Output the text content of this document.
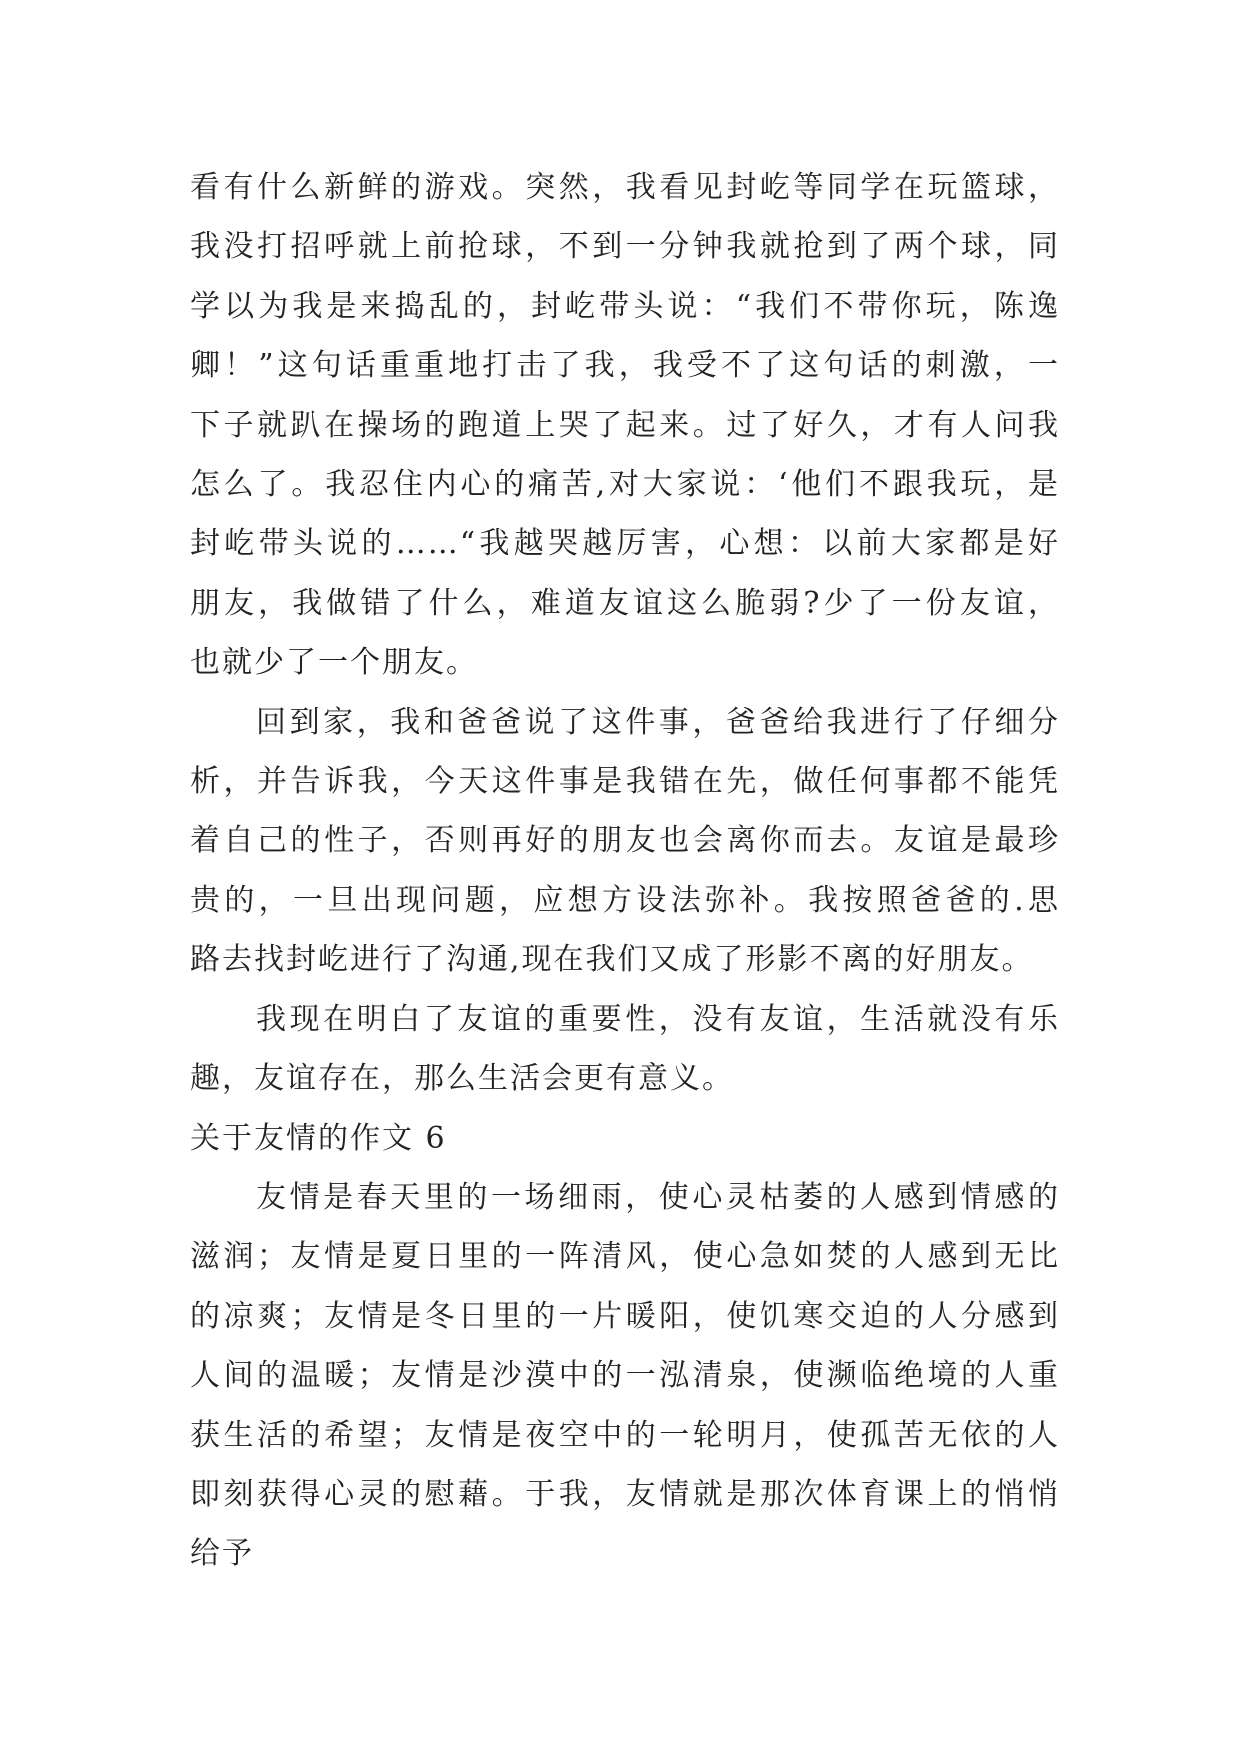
看有什么新鲜的游戏。突然，我看见封屹等同学在玩篮球，
我没打招呼就上前抢球，不到一分钟我就抢到了两个球，同
学以为我是来捣乱的，封屹带头说：“我们不带你玩，陈逸
卿！”这句话重重地打击了我，我受不了这句话的刺激，一
下子就趴在操场的跑道上哭了起来。过了好久，才有人问我
怎么了。我忍住内心的痛苦,对大家说：‘他们不跟我玩，是
封屹带头说的……“我越哭越厉害，心想：以前大家都是好
朋友，我做错了什么，难道友谊这么脆弱?少了一份友谊，
也就少了一个朋友。

回到家，我和爸爸说了这件事，爸爸给我进行了仔细分
析，并告诉我，今天这件事是我错在先，做任何事都不能凭
着自己的性子，否则再好的朋友也会离你而去。友谊是最珍
贵的，一旦出现问题，应想方设法弥补。我按照爸爸的.思
路去找封屹进行了沟通,现在我们又成了形影不离的好朋友。

我现在明白了友谊的重要性，没有友谊，生活就没有乐
趣，友谊存在，那么生活会更有意义。

关于友情的作文 6

友情是春天里的一场细雨，使心灵枯萎的人感到情感的
滋润；友情是夏日里的一阵清风，使心急如焚的人感到无比
的凉爽；友情是冬日里的一片暖阳，使饥寒交迫的人分感到
人间的温暖；友情是沙漠中的一泓清泉，使濒临绝境的人重
获生活的希望；友情是夜空中的一轮明月，使孤苦无依的人
即刻获得心灵的慰藉。于我，友情就是那次体育课上的悄悄
给予
